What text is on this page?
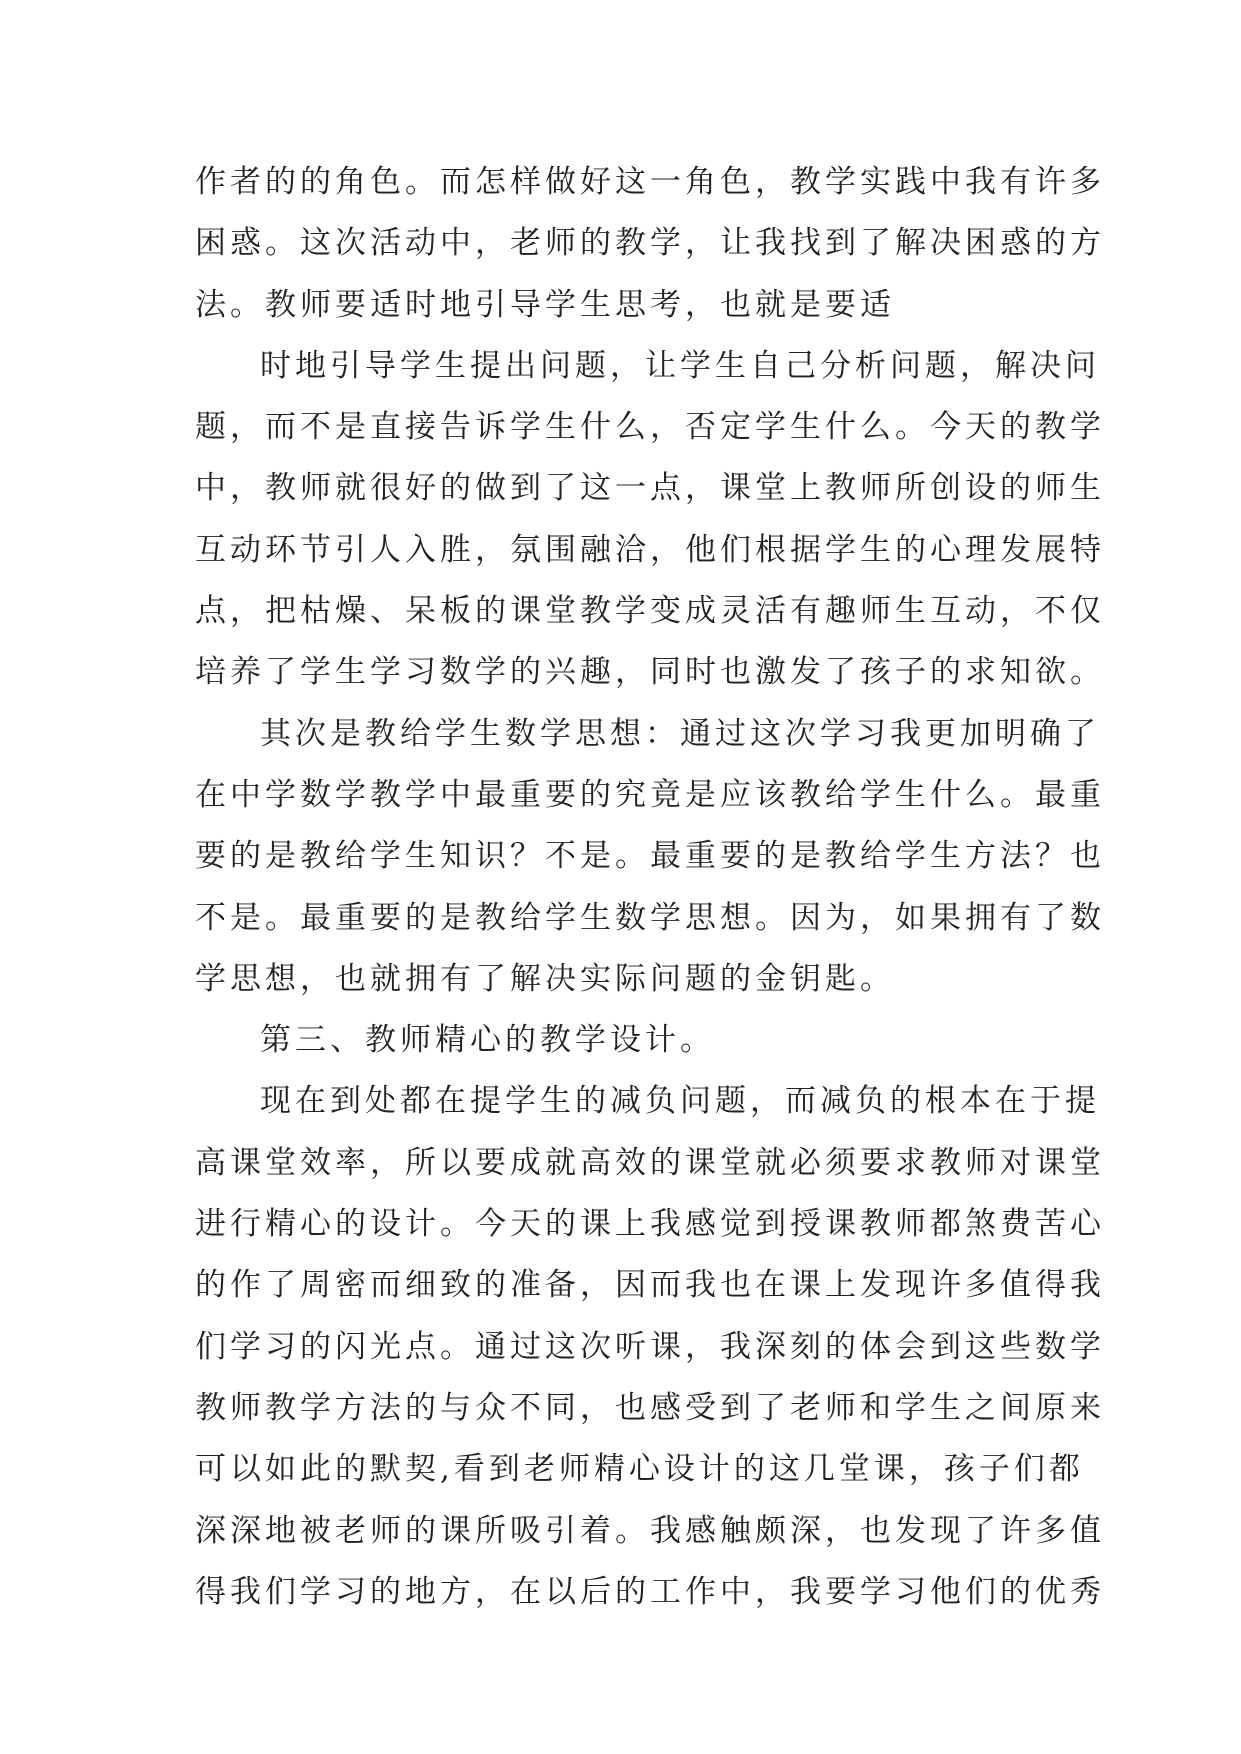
作者的的角色。而怎样做好这一角色，教学实践中我有许多
困惑。这次活动中，老师的教学，让我找到了解决困惑的方
法。教师要适时地引导学生思考，也就是要适
时地引导学生提出问题，让学生自己分析问题，解决问
题，而不是直接告诉学生什么，否定学生什么。今天的教学
中，教师就很好的做到了这一点，课堂上教师所创设的师生
互动环节引人入胜，氛围融洽，他们根据学生的心理发展特
点，把枯燥、呆板的课堂教学变成灵活有趣师生互动，不仅
培养了学生学习数学的兴趣，同时也激发了孩子的求知欲。
其次是教给学生数学思想：通过这次学习我更加明确了
在中学数学教学中最重要的究竟是应该教给学生什么。最重
要的是教给学生知识？不是。最重要的是教给学生方法？也
不是。最重要的是教给学生数学思想。因为，如果拥有了数
学思想，也就拥有了解决实际问题的金钥匙。
第三、教师精心的教学设计。
现在到处都在提学生的减负问题，而减负的根本在于提
高课堂效率，所以要成就高效的课堂就必须要求教师对课堂
进行精心的设计。今天的课上我感觉到授课教师都煞费苦心
的作了周密而细致的准备，因而我也在课上发现许多值得我
们学习的闪光点。通过这次听课，我深刻的体会到这些数学
教师教学方法的与众不同，也感受到了老师和学生之间原来
可以如此的默契,看到老师精心设计的这几堂课，孩子们都
深深地被老师的课所吸引着。我感触颇深，也发现了许多值
得我们学习的地方，在以后的工作中，我要学习他们的优秀
